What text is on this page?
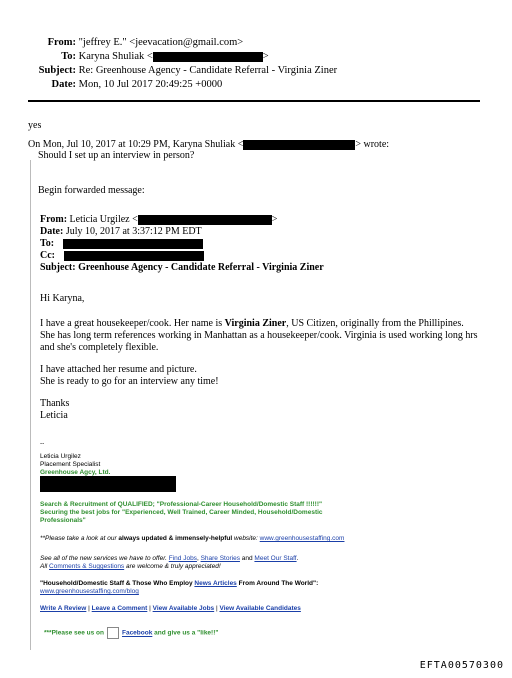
From: "jeffrey E." <jeevacation@gmail.com>
To: Karyna Shuliak <	>
Subject: Re: Greenhouse Agency - Candidate Referral - Virginia Ziner
Date: Mon, 10 Jul 2017 20:49:25 +0000
yes
On Mon, Jul 10, 2017 at 10:29 PM, Karyna Shuliak <	> wrote:
Should I set up an interview in person?
Begin forwarded message:
From: Leticia Urgilez <	>
Date: July 10, 2017 at 3:37:12 PM EDT
To:
Cc:
Subject: Greenhouse Agency - Candidate Referral - Virginia Ziner
Hi Karyna,
I have a great housekeeper/cook. Her name is Virginia Ziner, US Citizen, originally from the Phillipines.
She has long term references working in Manhattan as a housekeeper/cook. Virginia is used working long hrs
and she's completely flexible.
I have attached her resume and picture.
She is ready to go for an interview any time!
Thanks
Leticia
--
Leticia Urgilez
Placement Specialist
Greenhouse Agcy, Ltd.
Search & Recruitment of QUALIFIED; "Professional-Career Household/Domestic Staff !!!!!!"
Securing the best jobs for "Experienced, Well Trained, Career Minded, Household/Domestic
Professionals"
**Please take a look at our always updated & immensely-helpful website: www.greenhousestaffing.com
See all of the new services we have to offer. Find Jobs, Share Stories and Meet Our Staff.
All Comments & Suggestions are welcome & truly appreciated!
"Household/Domestic Staff & Those Who Employ News Articles From Around The World":
www.greenhousestaffing.com/blog
Write A Review | Leave a Comment | View Available Jobs | View Available Candidates
***Please see us on	Facebook and give us a "like!!"
EFTA00570300
